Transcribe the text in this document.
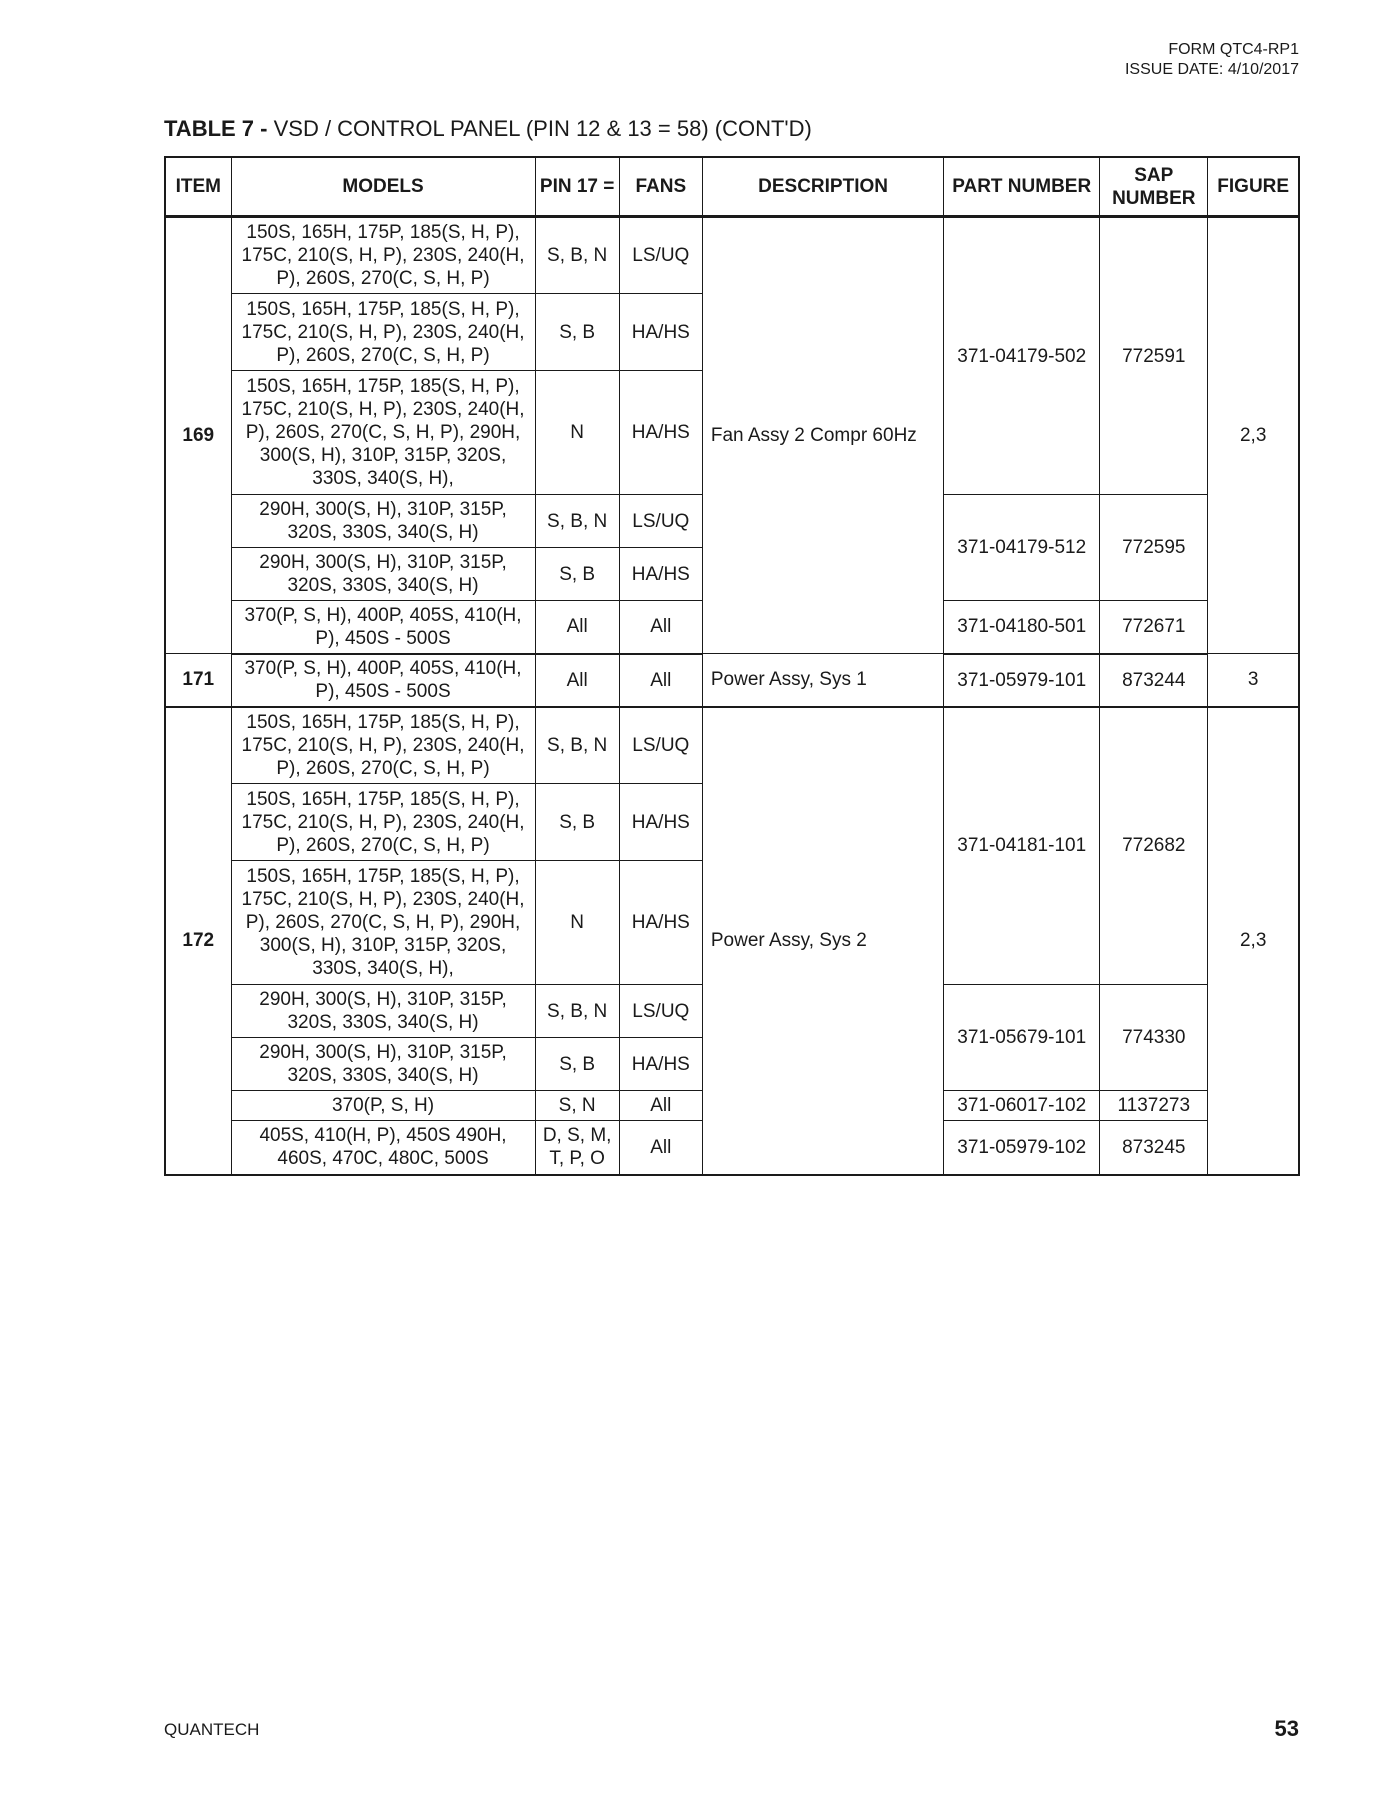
FORM QTC4-RP1
ISSUE DATE: 4/10/2017
TABLE 7 - VSD / CONTROL PANEL (PIN 12 & 13 = 58) (CONT'D)
ITEM	MODELS	PIN 17 =	FANS	DESCRIPTION	PART NUMBER	SAP NUMBER	FIGURE
169	150S, 165H, 175P, 185(S, H, P), 175C, 210(S, H, P), 230S, 240(H, P), 260S, 270(C, S, H, P)	S, B, N	LS/UQ	Fan Assy 2 Compr 60Hz	371-04179-502	772591	2,3
	150S, 165H, 175P, 185(S, H, P), 175C, 210(S, H, P), 230S, 240(H, P), 260S, 270(C, S, H, P)	S, B	HA/HS				
	150S, 165H, 175P, 185(S, H, P), 175C, 210(S, H, P), 230S, 240(H, P), 260S, 270(C, S, H, P), 290H, 300(S, H), 310P, 315P, 320S, 330S, 340(S, H),	N	HA/HS				
	290H, 300(S, H), 310P, 315P, 320S, 330S, 340(S, H)	S, B, N	LS/UQ		371-04179-512	772595	
	290H, 300(S, H), 310P, 315P, 320S, 330S, 340(S, H)	S, B	HA/HS				
	370(P, S, H), 400P, 405S, 410(H, P), 450S - 500S	All	All		371-04180-501	772671	
171	370(P, S, H), 400P, 405S, 410(H, P), 450S - 500S	All	All	Power Assy, Sys 1	371-05979-101	873244	3
172	150S, 165H, 175P, 185(S, H, P), 175C, 210(S, H, P), 230S, 240(H, P), 260S, 270(C, S, H, P)	S, B, N	LS/UQ	Power Assy, Sys 2	371-04181-101	772682	2,3
	150S, 165H, 175P, 185(S, H, P), 175C, 210(S, H, P), 230S, 240(H, P), 260S, 270(C, S, H, P)	S, B	HA/HS				
	150S, 165H, 175P, 185(S, H, P), 175C, 210(S, H, P), 230S, 240(H, P), 260S, 270(C, S, H, P), 290H, 300(S, H), 310P, 315P, 320S, 330S, 340(S, H),	N	HA/HS				
	290H, 300(S, H), 310P, 315P, 320S, 330S, 340(S, H)	S, B, N	LS/UQ		371-05679-101	774330	
	290H, 300(S, H), 310P, 315P, 320S, 330S, 340(S, H)	S, B	HA/HS				
	370(P, S, H)	S, N	All		371-06017-102	1137273	
	405S, 410(H, P), 450S 490H, 460S, 470C, 480C, 500S	D, S, M, T, P, O	All		371-05979-102	873245	
QUANTECH	53
